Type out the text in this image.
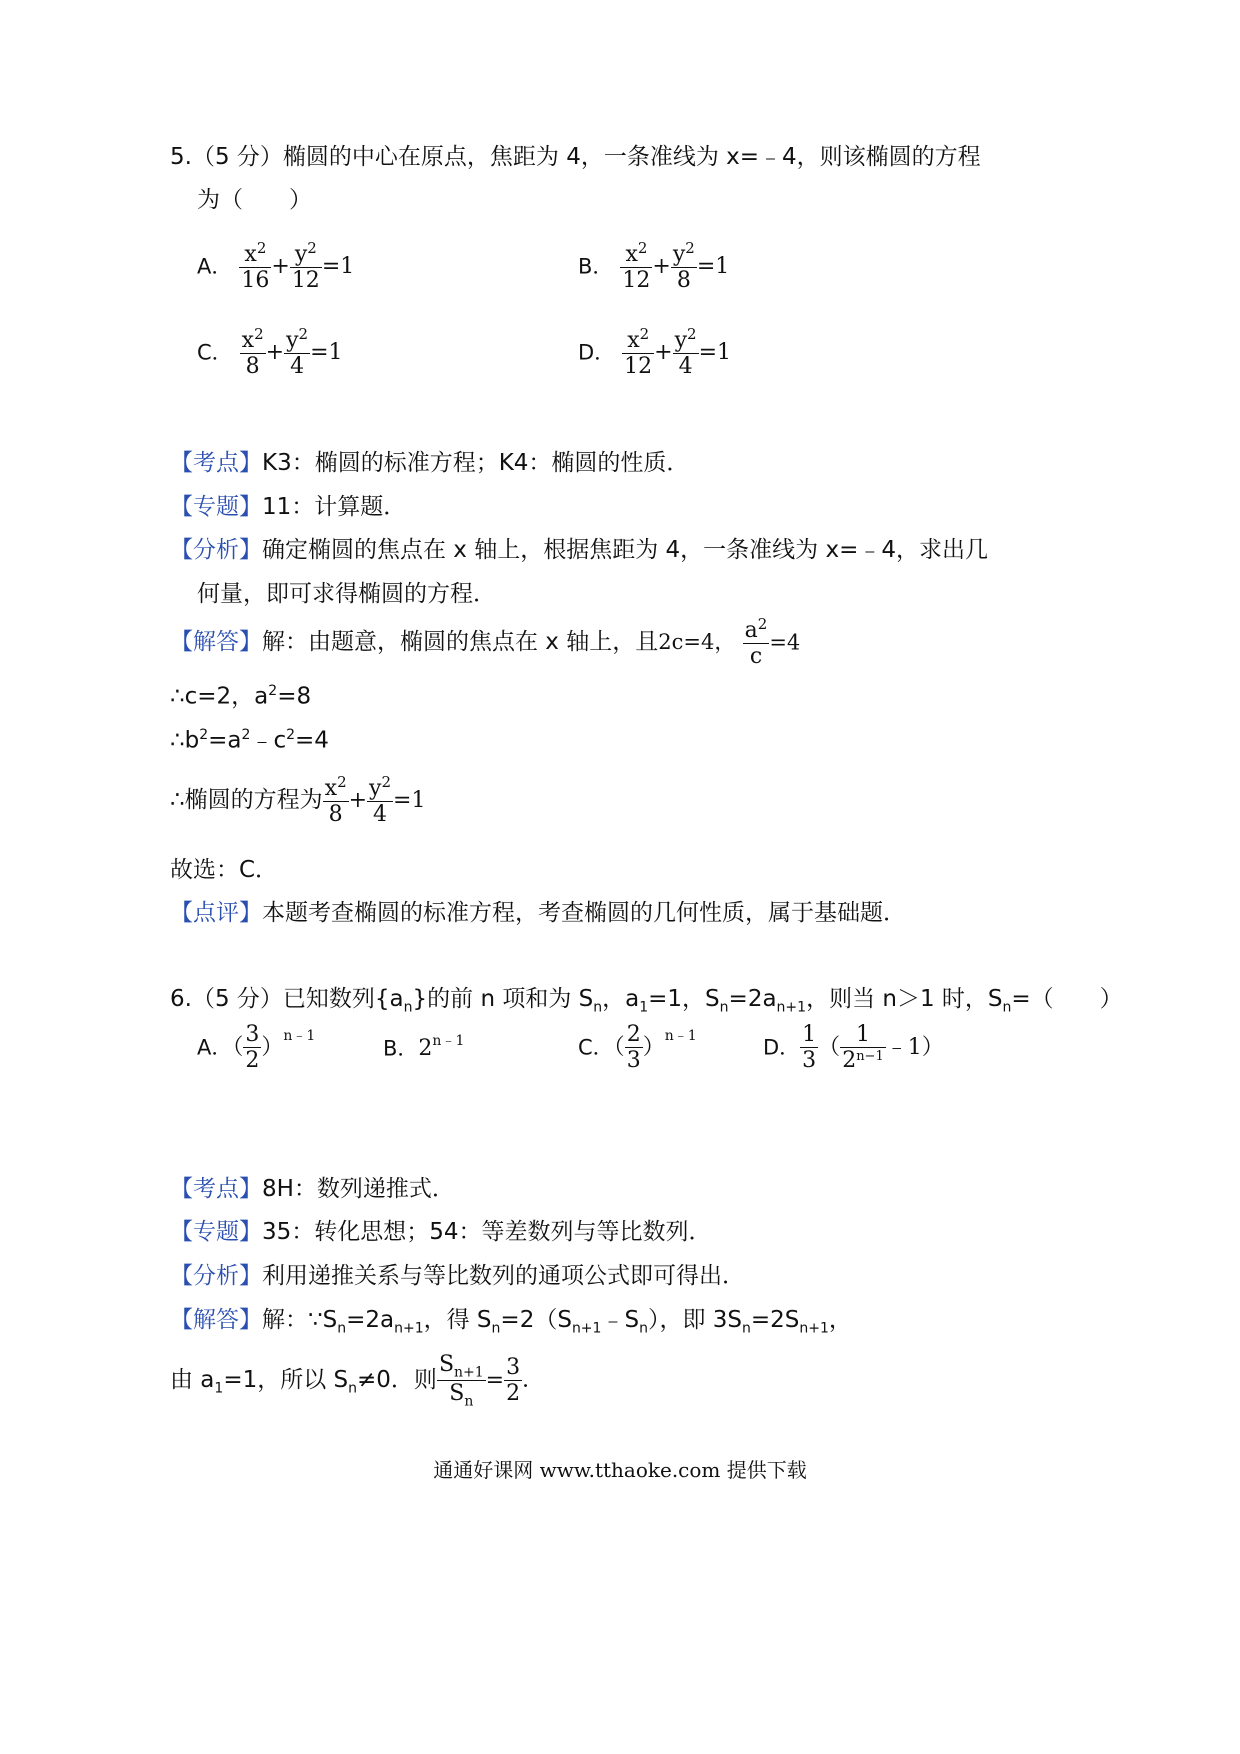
5.（5 分）椭圆的中心在原点，焦距为 4，一条准线为 x=﹣4，则该椭圆的方程
为（　　）
A． $\frac{x^2}{16} + \frac{y^2}{12} =1$	B． $\frac{x^2}{12} + \frac{y^2}{8} =1$
C． $\frac{x^2}{8} + \frac{y^2}{4} =1$	D． $\frac{x^2}{12} + \frac{y^2}{4} =1$
【考点】K3：椭圆的标准方程；K4：椭圆的性质．
【专题】11：计算题．
【分析】确定椭圆的焦点在 x 轴上，根据焦距为 4，一条准线为 x=﹣4，求出几
何量，即可求得椭圆的方程．
【解答】解：由题意，椭圆的焦点在 x 轴上，且2c=4， $\frac{a^2}{c} =4$
∴c=2，$a^2=8$
$\therefore b^2=a^2﹣c^2=4$
∴椭圆的方程为 $\frac{x^2}{8} + \frac{y^2}{4} =1$
故选：C．
【点评】本题考查椭圆的标准方程，考查椭圆的几何性质，属于基础题．
6.（5 分）已知数列$\{a_n\}$的前 n 项和为 $S_n$，$a_1=1$，$S_n=2a_{n+1}$，则当 n＞1 时，$S_n=$（　　）
A．（ $\frac{3}{2} )^{n﹣1}$
B．$2^{n﹣1}$	C．（ $\frac{2}{3} )^{n﹣1}$	D． $\frac{1}{3}$ （ $\frac{1}{2^{n-1}}$ ﹣1）
【考点】8H：数列递推式．
【专题】35：转化思想；54：等差数列与等比数列．
【分析】利用递推关系与等比数列的通项公式即可得出．
【解答】解：$\because S_n=2a_{n+1}$，得 $S_n=2(S_{n+1}﹣S_n)$，即 $3S_n=2S_{n+1}$，
由 $a_1=1$，所以 $S_n\ne 0$．则 $\frac{S_{n+1}}{S_n} = \frac{3}{2}$ ．
通通好课网 www.tthaoke.com 提供下载
